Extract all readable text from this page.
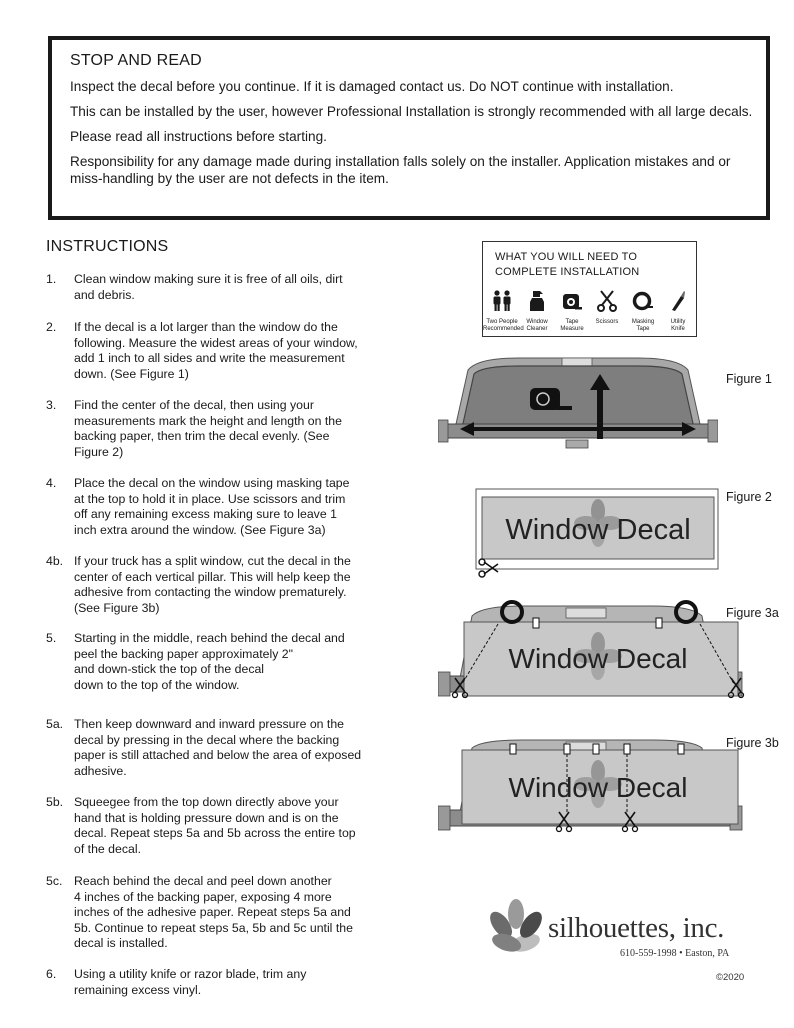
STOP AND READ

Inspect the decal before you continue. If it is damaged contact us. Do NOT continue with installation.

This can be installed by the user, however Professional Installation is strongly recommended with all large decals.

Please read all instructions before starting.

Responsibility for any damage made during installation falls solely on the installer. Application mistakes and or miss-handling by the user are not defects in the item.

INSTRUCTIONS
1. Clean window making sure it is free of all oils, dirt
and debris.
2. If the decal is a lot larger than the window do the
following. Measure the widest areas of your window,
add 1 inch to all sides and write the measurement
down. (See Figure 1)
3. Find the center of the decal, then using your
measurements mark the height and length on the
backing paper, then trim the decal evenly. (See
Figure 2)
4. Place the decal on the window using masking tape
at the top to hold it in place. Use scissors and trim
off any remaining excess making sure to leave 1
inch extra around the window. (See Figure 3a)
4b. If your truck has a split window, cut the decal in the
center of each vertical pillar. This will help keep the
adhesive from contacting the window prematurely.
(See Figure 3b)
5. Starting in the middle, reach behind the decal and
peel the backing paper approximately 2"
and down-stick the top of the decal
down to the top of the window.
5a. Then keep downward and inward pressure on the
decal by pressing in the decal where the backing
paper is still attached and below the area of exposed
adhesive.
5b. Squeegee from the top down directly above your
hand that is holding pressure down and is on the
decal. Repeat steps 5a and 5b across the entire top
of the decal.
5c. Reach behind the decal and peel down another
4 inches of the backing paper, exposing 4 more
inches of the adhesive paper. Repeat steps 5a and
5b. Continue to repeat steps 5a, 5b and 5c until the
decal is installed.
6. Using a utility knife or razor blade, trim any
remaining excess vinyl.
WHAT YOU WILL NEED TO
COMPLETE INSTALLATION
Two People
Recommended
Window
Cleaner
Tape
Measure
Scissors	Masking
Tape
Utility
Knife
Figure 1
Window Decal
Figure 2
Window Decal
Figure 3a
Window Decal
Figure 3b
silhouettes, inc.
610-559-1998 • Easton, PA
©2020
